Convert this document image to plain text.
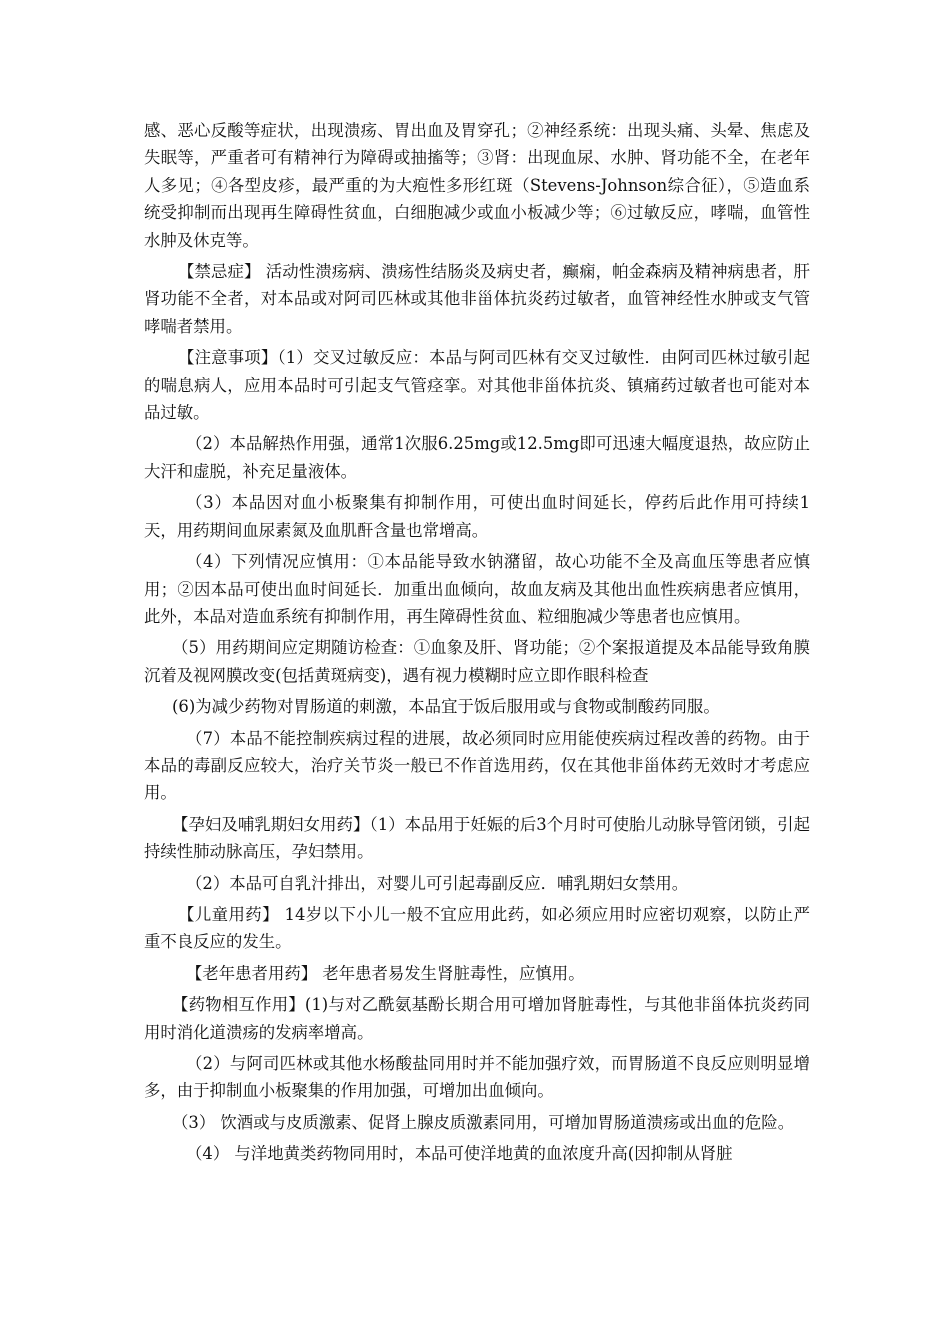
感、恶心反酸等症状，出现溃疡、胃出血及胃穿孔；②神经系统：出现头痛、头晕、焦虑及失眠等，严重者可有精神行为障碍或抽搐等；③肾：出现血尿、水肿、肾功能不全，在老年人多见；④各型皮疹，最严重的为大疱性多形红斑（Stevens-Johnson综合征），⑤造血系统受抑制而出现再生障碍性贫血，白细胞减少或血小板减少等；⑥过敏反应，哮喘，血管性水肿及休克等。

【禁忌症】 活动性溃疡病、溃疡性结肠炎及病史者，癫痫，帕金森病及精神病患者，肝肾功能不全者，对本品或对阿司匹林或其他非甾体抗炎药过敏者，血管神经性水肿或支气管哮喘者禁用。

【注意事项】（1）交叉过敏反应：本品与阿司匹林有交叉过敏性．由阿司匹林过敏引起的喘息病人，应用本品时可引起支气管痉挛。对其他非甾体抗炎、镇痛药过敏者也可能对本品过敏。

（2）本品解热作用强，通常1次服6.25mg或12.5mg即可迅速大幅度退热，故应防止大汗和虚脱，补充足量液体。

（3）本品因对血小板聚集有抑制作用，可使出血时间延长，停药后此作用可持续1天，用药期间血尿素氮及血肌酐含量也常增高。

（4）下列情况应慎用：①本品能导致水钠潴留，故心功能不全及高血压等患者应慎用；②因本品可使出血时间延长．加重出血倾向，故血友病及其他出血性疾病患者应慎用，此外，本品对造血系统有抑制作用，再生障碍性贫血、粒细胞减少等患者也应慎用。

（5）用药期间应定期随访检查：①血象及肝、肾功能；②个案报道提及本品能导致角膜沉着及视网膜改变(包括黄斑病变)，遇有视力模糊时应立即作眼科检查

(6)为减少药物对胃肠道的刺激，本品宜于饭后服用或与食物或制酸药同服。

（7）本品不能控制疾病过程的进展，故必须同时应用能使疾病过程改善的药物。由于本品的毒副反应较大，治疗关节炎一般已不作首选用药，仅在其他非甾体药无效时才考虑应用。

【孕妇及哺乳期妇女用药】（1）本品用于妊娠的后3个月时可使胎儿动脉导管闭锁，引起持续性肺动脉高压，孕妇禁用。

（2）本品可自乳汁排出，对婴儿可引起毒副反应．哺乳期妇女禁用。

【儿童用药】 14岁以下小儿一般不宜应用此药，如必须应用时应密切观察，以防止严重不良反应的发生。

【老年患者用药】 老年患者易发生肾脏毒性，应慎用。

【药物相互作用】(1)与对乙酰氨基酚长期合用可增加肾脏毒性，与其他非甾体抗炎药同用时消化道溃疡的发病率增高。

（2）与阿司匹林或其他水杨酸盐同用时并不能加强疗效，而胃肠道不良反应则明显增多，由于抑制血小板聚集的作用加强，可增加出血倾向。

（3） 饮酒或与皮质激素、促肾上腺皮质激素同用，可增加胃肠道溃疡或出血的危险。

（4） 与洋地黄类药物同用时，本品可使洋地黄的血浓度升高(因抑制从肾脏
